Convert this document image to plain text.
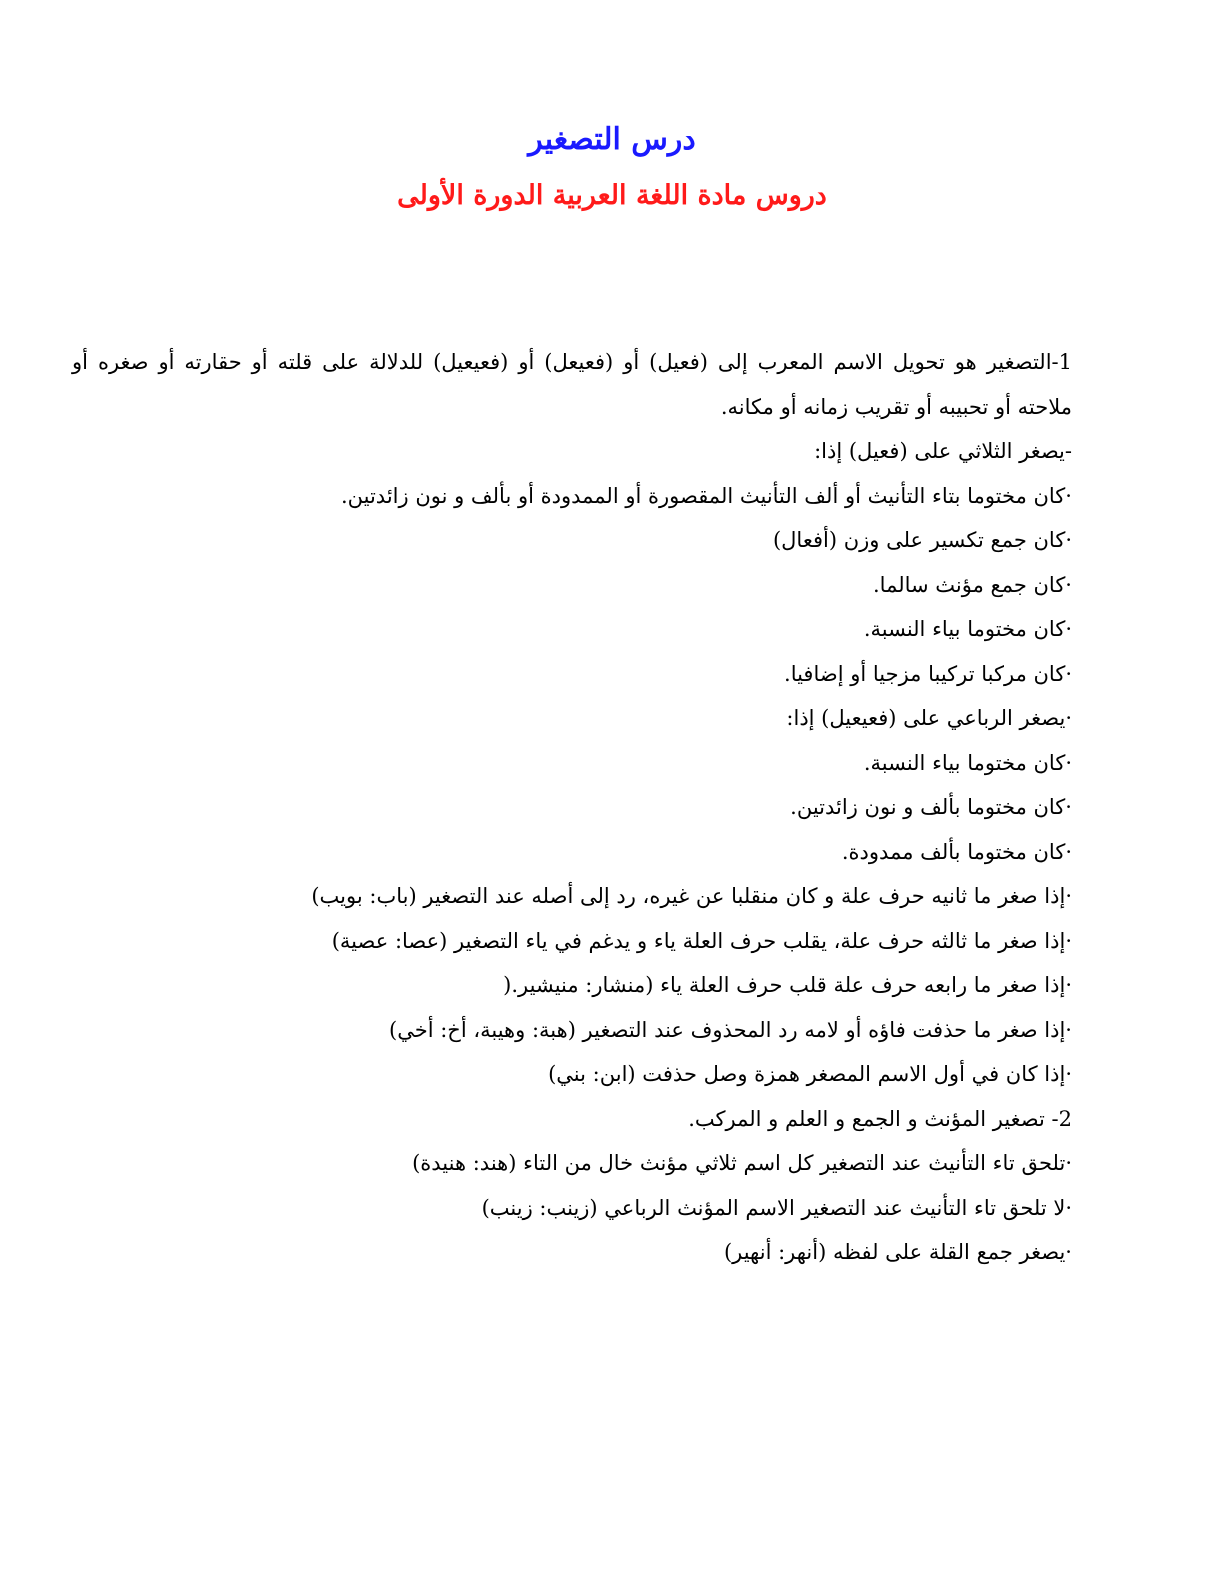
درس التصغير
دروس مادة اللغة العربية الدورة الأولى

1-التصغير هو تحويل الاسم المعرب إلى (فعيل) أو (فعيعل) أو (فعيعيل) للدلالة على قلته أو حقارته أو صغره أو ملاحته أو تحبيبه أو تقريب زمانه أو مكانه.

-يصغر الثلاثي على (فعيل) إذا:

·كان مختوما بتاء التأنيث أو ألف التأنيث المقصورة أو الممدودة أو بألف و نون زائدتين.

·كان جمع تكسير على وزن (أفعال)

·كان جمع مؤنث سالما.

·كان مختوما بياء النسبة.

·كان مركبا تركيبا مزجيا أو إضافيا.

·يصغر الرباعي على (فعيعيل) إذا:

·كان مختوما بياء النسبة.

·كان مختوما بألف و نون زائدتين.

·كان مختوما بألف ممدودة.

·إذا صغر ما ثانيه حرف علة و كان منقلبا عن غيره، رد إلى أصله عند التصغير (باب: بويب)

·إذا صغر ما ثالثه حرف علة، يقلب حرف العلة ياء و يدغم في ياء التصغير (عصا: عصية)

·إذا صغر ما رابعه حرف علة قلب حرف العلة ياء (منشار: منيشير.(

·إذا صغر ما حذفت فاؤه أو لامه رد المحذوف عند التصغير (هبة: وهيبة، أخ: أخي)

·إذا كان في أول الاسم المصغر همزة وصل حذفت (ابن: بني)

2- تصغير المؤنث و الجمع و العلم و المركب.

·تلحق تاء التأنيث عند التصغير كل اسم ثلاثي مؤنث خال من التاء (هند: هنيدة)

·لا تلحق تاء التأنيث عند التصغير الاسم المؤنث الرباعي (زينب: زينب)

·يصغر جمع القلة على لفظه (أنهر: أنهير)
